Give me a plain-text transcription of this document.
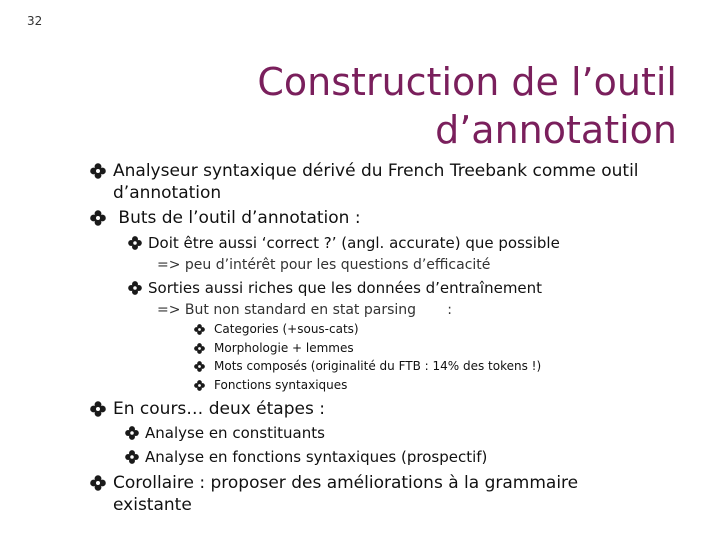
32
Construction de l’outil
d’annotation
Analyseur syntaxique dérivé du French Treebank comme outil d’annotation
Buts de l’outil d’annotation :
Doit être aussi ‘correct ?’ (angl. accurate) que possible
=> peu d’intérêt pour les questions d’efficacité
Sorties aussi riches que les données d’entraînement
=> But non standard en stat parsing       :
Categories (+sous-cats)
Morphologie + lemmes
Mots composés (originalité du FTB : 14% des tokens !)
Fonctions syntaxiques
En cours… deux étapes :
Analyse en constituants
Analyse en fonctions syntaxiques (prospectif)
Corollaire : proposer des améliorations à la grammaire existante
